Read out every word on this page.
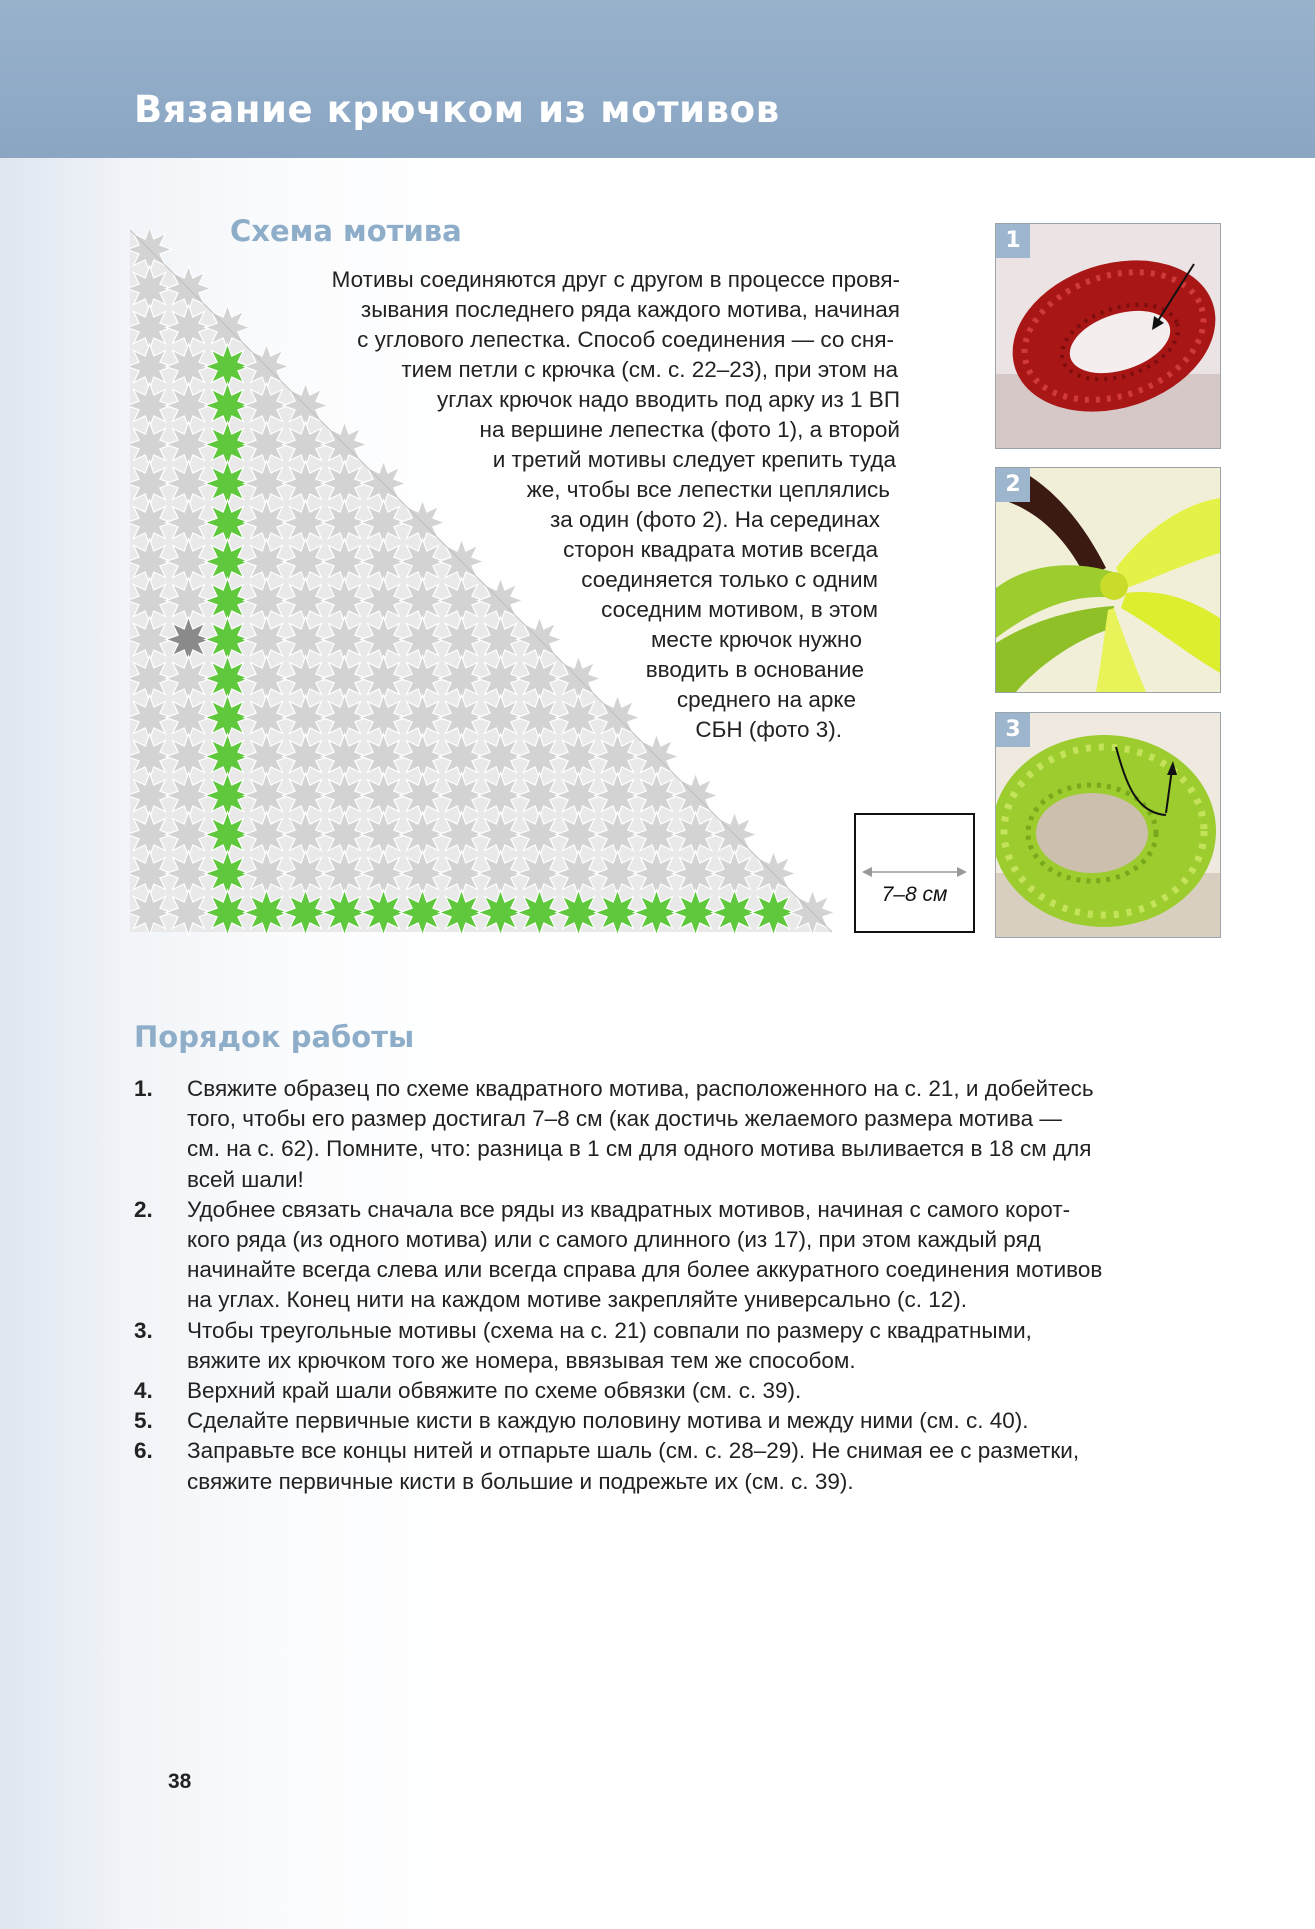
Вязание крючком из мотивов
Схема мотива
Мотивы соединяются друг с другом в процессе провя-
зывания последнего ряда каждого мотива, начиная
с углового лепестка. Способ соединения — со сня-
тием петли с крючка (см. с. 22–23), при этом на
углах крючок надо вводить под арку из 1 ВП
на вершине лепестка (фото 1), а второй
и третий мотивы следует крепить туда
же, чтобы все лепестки цеплялись
за один (фото 2). На серединах
сторон квадрата мотив всегда
соединяется только с одним
соседним мотивом, в этом
месте крючок нужно
вводить в основание
среднего на арке
СБН (фото 3).
7–8 см
1
2
3
Порядок работы
1. Свяжите образец по схеме квадратного мотива, расположенного на с. 21, и добейтесь
того, чтобы его размер достигал 7–8 см (как достичь желаемого размера мотива —
см. на с. 62). Помните, что: разница в 1 см для одного мотива выливается в 18 см для
всей шали!
2. Удобнее связать сначала все ряды из квадратных мотивов, начиная с самого корот-
кого ряда (из одного мотива) или с самого длинного (из 17), при этом каждый ряд
начинайте всегда слева или всегда справа для более аккуратного соединения мотивов
на углах. Конец нити на каждом мотиве закрепляйте универсально (с. 12).
3. Чтобы треугольные мотивы (схема на с. 21) совпали по размеру с квадратными,
вяжите их крючком того же номера, ввязывая тем же способом.
4. Верхний край шали обвяжите по схеме обвязки (см. с. 39).
5. Сделайте первичные кисти в каждую половину мотива и между ними (см. с. 40).
6. Заправьте все концы нитей и отпарьте шаль (см. с. 28–29). Не снимая ее с разметки,
свяжите первичные кисти в большие и подрежьте их (см. с. 39).
38
